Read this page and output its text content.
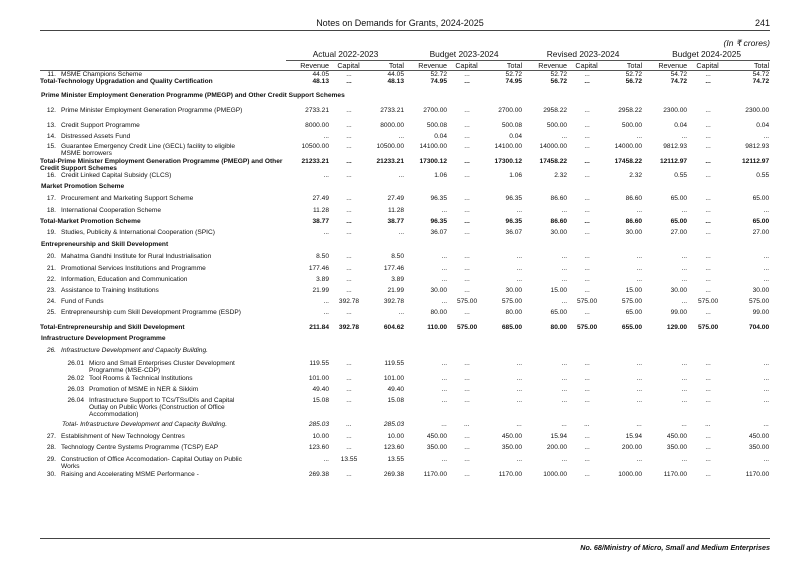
Notes on Demands for Grants, 2024-2025	241
(In ₹ crores)
	Actual 2022-2023			Budget 2023-2024			Revised 2023-2024			Budget 2024-2025		
	Revenue	Capital	Total	Revenue	Capital	Total	Revenue	Capital	Total	Revenue	Capital	Total

11. MSME Champions Scheme	44.05	...	44.05	52.72	...	52.72	52.72	...	52.72	54.72	...	54.72

Total-Technology Upgradation and Quality Certification	48.13	...	48.13	74.95	...	74.95	56.72	...	56.72	74.72	...	74.72
Prime Minister Employment Generation Programme (PMEGP) and Other Credit Support Schemes												

12. Prime Minister Employment Generation Programme (PMEGP)	2733.21	...	2733.21	2700.00	...	2700.00	2958.22	...	2958.22	2300.00	...	2300.00

13. Credit Support Programme	8000.00	...	8000.00	500.08	...	500.08	500.00	...	500.00	0.04	...	0.04

14. Distressed Assets Fund	...	...	...	0.04	...	0.04	...	...	...	...	...	...

15. Guarantee Emergency Credit Line (GECL) facility to eligible MSME borrowers	10500.00	...	10500.00	14100.00	...	14100.00	14000.00	...	14000.00	9812.93	...	9812.93

Total-Prime Minister Employment Generation Programme (PMEGP) and Other Credit Support Schemes	21233.21	...	21233.21	17300.12	...	17300.12	17458.22	...	17458.22	12112.97	...	12112.97

16. Credit Linked Capital Subsidy (CLCS)	...	...	...	1.06	...	1.06	2.32	...	2.32	0.55	...	0.55
Market Promotion Scheme												

17. Procurement and Marketing Support Scheme	27.49	...	27.49	96.35	...	96.35	86.60	...	86.60	65.00	...	65.00

18. International Cooperation Scheme	11.28	...	11.28	...	...	...	...	...	...	...	...	...

Total-Market Promotion Scheme	38.77	...	38.77	96.35	...	96.35	86.60	...	86.60	65.00	...	65.00

19. Studies, Publicity & International Cooperation (SPIC)	...	...	...	36.07	...	36.07	30.00	...	30.00	27.00	...	27.00
Entrepreneurship and Skill Development												

20. Mahatma Gandhi Institute for Rural Industrialisation	8.50	...	8.50	...	...	...	...	...	...	...	...	...

21. Promotional Services Institutions and Programme	177.46	...	177.46	...	...	...	...	...	...	...	...	...

22. Information, Education and Communication	3.89	...	3.89	...	...	...	...	...	...	...	...	...

23. Assistance to Training Institutions	21.99	...	21.99	30.00	...	30.00	15.00	...	15.00	30.00	...	30.00

24. Fund of Funds	...	392.78	392.78	...	575.00	575.00	...	575.00	575.00	...	575.00	575.00

25. Entrepreneurship cum Skill Development Programme (ESDP)	...	...	...	80.00	...	80.00	65.00	...	65.00	99.00	...	99.00

Total-Entrepreneurship and Skill Development	211.84	392.78	604.62	110.00	575.00	685.00	80.00	575.00	655.00	129.00	575.00	704.00
Infrastructure Development Programme												

26. Infrastructure Development and Capacity Building.												

26.01 Micro and Small Enterprises Cluster Development Programme (MSE-CDP)	119.55	...	119.55	...	...	...	...	...	...	...	...	...

26.02 Tool Rooms & Technical Institutions	101.00	...	101.00	...	...	...	...	...	...	...	...	...

26.03 Promotion of MSME in NER & Sikkim	49.40	...	49.40	...	...	...	...	...	...	...	...	...

26.04 Infrastructure Support to TCs/TSs/DIs and Capital Outlay on Public Works (Construction of Office Accommodation)	15.08	...	15.08	...	...	...	...	...	...	...	...	...

Total- Infrastructure Development and Capacity Building.	285.03	...	285.03	...	...	...	...	...	...	...	...	...

27. Establishment of New Technology Centres	10.00	...	10.00	450.00	...	450.00	15.94	...	15.94	450.00	...	450.00

28. Technology Centre Systems Programme (TCSP) EAP	123.60	...	123.60	350.00	...	350.00	200.00	...	200.00	350.00	...	350.00

29. Construction of Office Accomodation- Capital Outlay on Public Works	...	13.55	13.55	...	...	...	...	...	...	...	...	...

30. Raising and Accelerating MSME Performance -	269.38	...	269.38	1170.00	...	1170.00	1000.00	...	1000.00	1170.00	...	1170.00
No. 68/Ministry of Micro, Small and Medium Enterprises
